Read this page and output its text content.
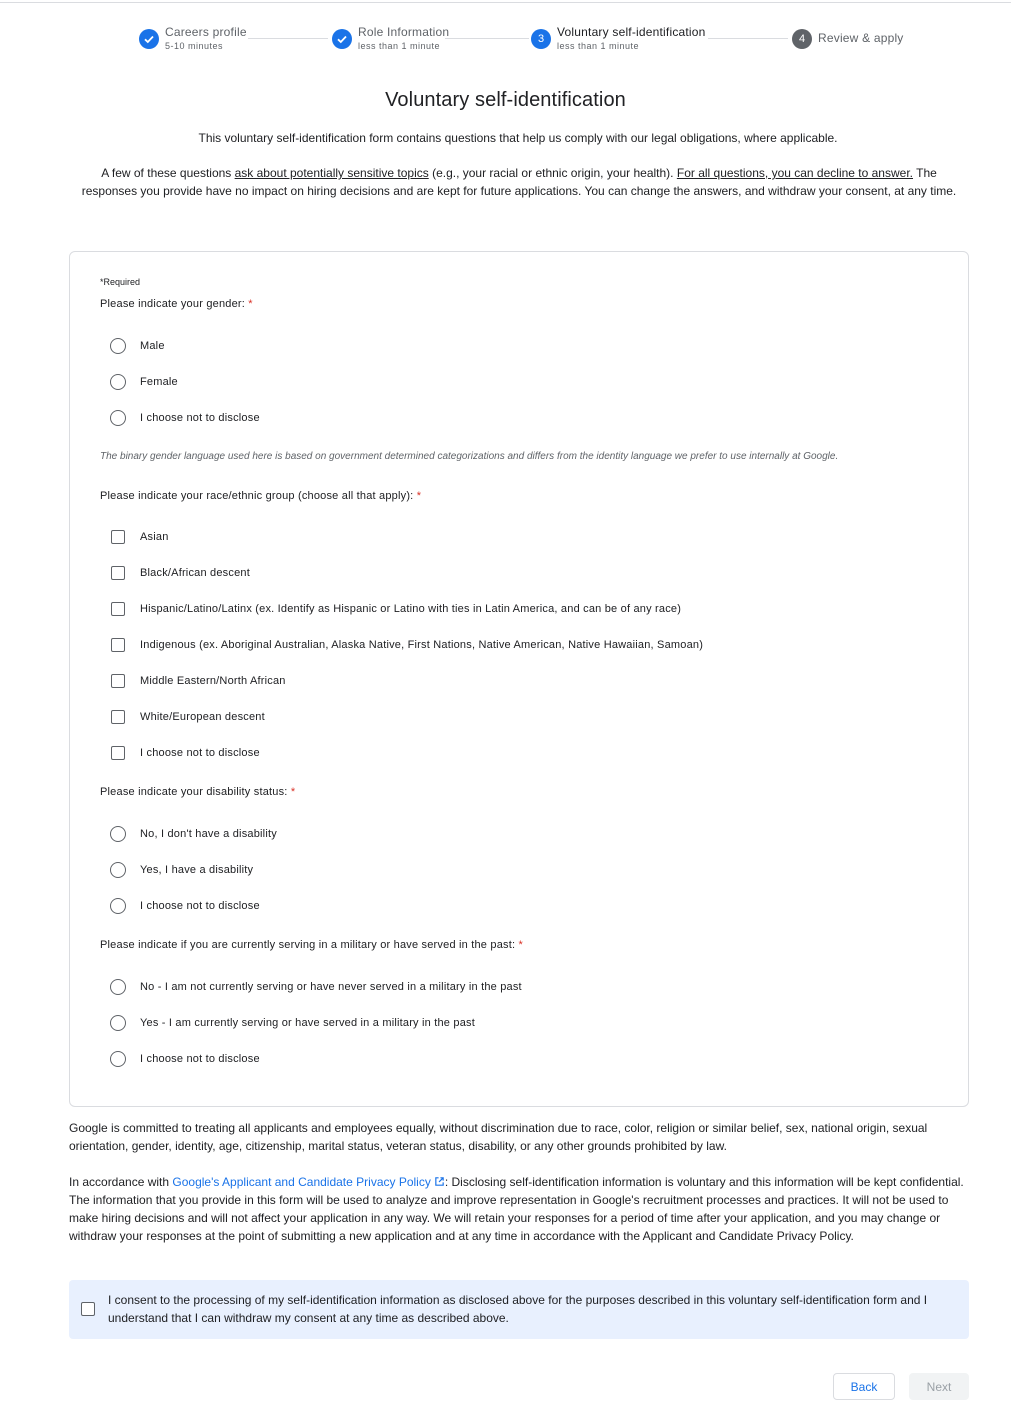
Careers profile
5-10 minutes
Role Information
less than 1 minute
3	Voluntary self-identification
less than 1 minute
4	Review & apply
Voluntary self-identification

This voluntary self-identification form contains questions that help us comply with our legal obligations, where applicable.

A few of these questions ask about potentially sensitive topics (e.g., your racial or ethnic origin, your health). For all questions, you can decline to answer. The responses you provide have no impact on hiring decisions and are kept for future applications. You can change the answers, and withdraw your consent, at any time.

*Required
Please indicate your gender: *
Male
Female
I choose not to disclose

The binary gender language used here is based on government determined categorizations and differs from the identity language we prefer to use internally at Google.

Please indicate your race/ethnic group (choose all that apply): *
Asian
Black/African descent
Hispanic/Latino/Latinx (ex. Identify as Hispanic or Latino with ties in Latin America, and can be of any race)
Indigenous (ex. Aboriginal Australian, Alaska Native, First Nations, Native American, Native Hawaiian, Samoan)
Middle Eastern/North African
White/European descent
I choose not to disclose
Please indicate your disability status: *
No, I don't have a disability
Yes, I have a disability
I choose not to disclose
Please indicate if you are currently serving in a military or have served in the past: *
No - I am not currently serving or have never served in a military in the past
Yes - I am currently serving or have served in a military in the past
I choose not to disclose

Google is committed to treating all applicants and employees equally, without discrimination due to race, color, religion or similar belief, sex, national origin, sexual orientation, gender, identity, age, citizenship, marital status, veteran status, disability, or any other grounds prohibited by law.

In accordance with Google's Applicant and Candidate Privacy Policy : Disclosing self-identification information is voluntary and this information will be kept confidential. The information that you provide in this form will be used to analyze and improve representation in Google's recruitment processes and practices. It will not be used to make hiring decisions and will not affect your application in any way. We will retain your responses for a period of time after your application, and you may change or withdraw your responses at the point of submitting a new application and at any time in accordance with the Applicant and Candidate Privacy Policy.

I consent to the processing of my self-identification information as disclosed above for the purposes described in this voluntary self-identification form and I understand that I can withdraw my consent at any time as described above.

Back	Next
